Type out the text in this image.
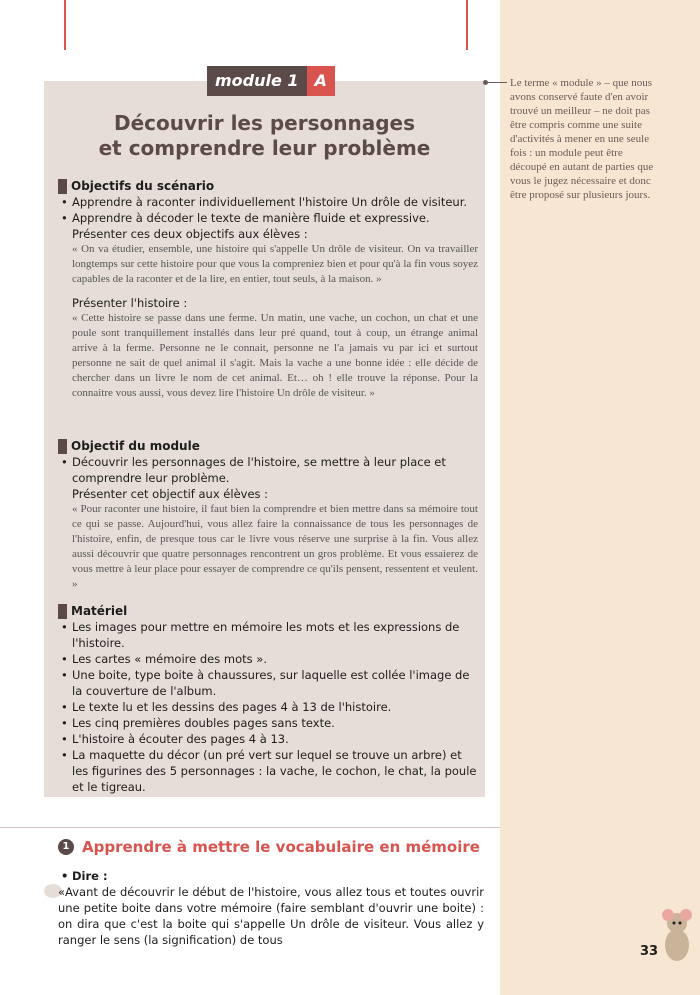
module 1	A
Découvrir les personnages
et comprendre leur problème
Objectifs du scénario
• Apprendre à raconter individuellement l'histoire Un drôle de visiteur.
• Apprendre à décoder le texte de manière fluide et expressive.
Présenter ces deux objectifs aux élèves :
« On va étudier, ensemble, une histoire qui s'appelle Un drôle de visiteur. On va travailler longtemps sur cette histoire pour que vous la compreniez bien et pour qu'à la fin vous soyez capables de la raconter et de la lire, en entier, tout seuls, à la maison. »
Présenter l'histoire :
« Cette histoire se passe dans une ferme. Un matin, une vache, un cochon, un chat et une poule sont tranquillement installés dans leur pré quand, tout à coup, un étrange animal arrive à la ferme. Personne ne le connait, personne ne l'a jamais vu par ici et surtout personne ne sait de quel animal il s'agit. Mais la vache a une bonne idée : elle décide de chercher dans un livre le nom de cet animal. Et… oh ! elle trouve la réponse. Pour la connaitre vous aussi, vous devez lire l'histoire Un drôle de visiteur. »
Objectif du module
• Découvrir les personnages de l'histoire, se mettre à leur place et comprendre leur problème.
Présenter cet objectif aux élèves :
« Pour raconter une histoire, il faut bien la comprendre et bien mettre dans sa mémoire tout ce qui se passe. Aujourd'hui, vous allez faire la connaissance de tous les personnages de l'histoire, enfin, de presque tous car le livre vous réserve une surprise à la fin. Vous allez aussi découvrir que quatre personnages rencontrent un gros problème. Et vous essaierez de vous mettre à leur place pour essayer de comprendre ce qu'ils pensent, ressentent et veulent. »
Matériel
• Les images pour mettre en mémoire les mots et les expressions de l'histoire.
• Les cartes « mémoire des mots ».
• Une boite, type boite à chaussures, sur laquelle est collée l'image de la couverture de l'album.
• Le texte lu et les dessins des pages 4 à 13 de l'histoire.
• Les cinq premières doubles pages sans texte.
• L'histoire à écouter des pages 4 à 13.
• La maquette du décor (un pré vert sur lequel se trouve un arbre) et les figurines des 5 personnages : la vache, le cochon, le chat, la poule et le tigreau.
Le terme « module » – que nous avons conservé faute d'en avoir trouvé un meilleur – ne doit pas être compris comme une suite d'activités à mener en une seule fois : un module peut être découpé en autant de parties que vous le jugez nécessaire et donc être proposé sur plusieurs jours.
1 Apprendre à mettre le vocabulaire en mémoire
• Dire :
«Avant de découvrir le début de l'histoire, vous allez tous et toutes ouvrir une petite boite dans votre mémoire (faire semblant d'ouvrir une boite) : on dira que c'est la boite qui s'appelle Un drôle de visiteur. Vous allez y ranger le sens (la signification) de tous
33
